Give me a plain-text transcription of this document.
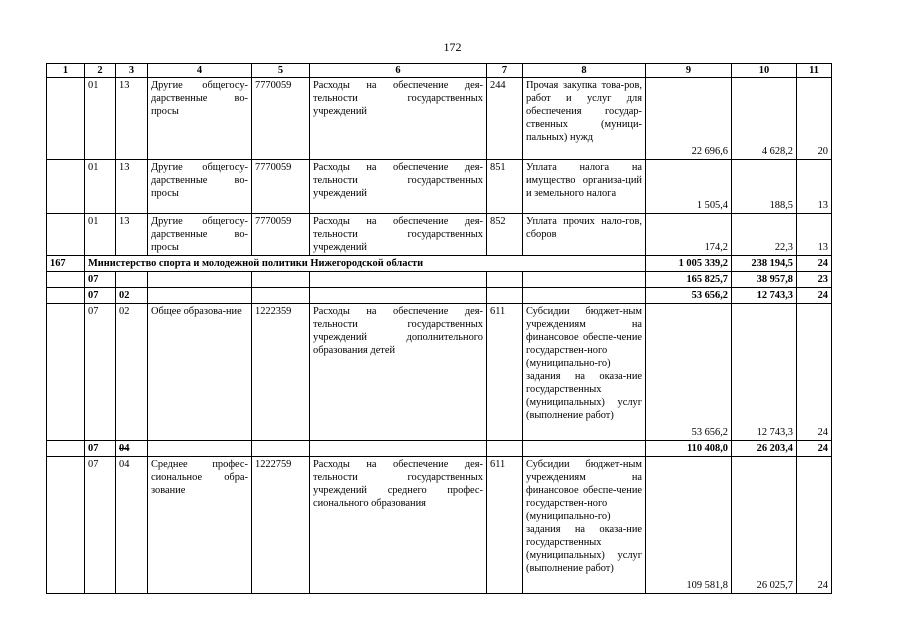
172
1	2	3	4	5	6	7	8	9	10	11
	01	13	Другие общегосу-дарственные во-просы	7770059	Расходы на обеспечение дея-тельности государственных учреждений	244	Прочая закупка това-ров, работ и услуг для обеспечения государ-ственных (муници-пальных) нужд	22 696,6	4 628,2	20
	01	13	Другие общегосу-дарственные во-просы	7770059	Расходы на обеспечение дея-тельности государственных учреждений	851	Уплата налога на имущество организа-ций и земельного налога	1 505,4	188,5	13
	01	13	Другие общегосу-дарственные во-просы	7770059	Расходы на обеспечение дея-тельности государственных учреждений	852	Уплата прочих нало-гов, сборов	174,2	22,3	13
167	Министерство спорта и молодежной политики Нижегородской области							1 005 339,2	238 194,5	24
	07							165 825,7	38 957,8	23
	07	02						53 656,2	12 743,3	24
	07	02	Общее образова-ние	1222359	Расходы на обеспечение дея-тельности государственных учреждений дополнительного образования детей	611	Субсидии бюджет-ным учреждениям на финансовое обеспе-чение государствен-ного (муниципально-го) задания на оказа-ние государственных (муниципальных) услуг (выполнение работ)	53 656,2	12 743,3	24
	07	04						110 408,0	26 203,4	24
	07	04	Среднее профес-сиональное обра-зование	1222759	Расходы на обеспечение дея-тельности государственных учреждений среднего профес-сионального образования	611	Субсидии бюджет-ным учреждениям на финансовое обеспе-чение государствен-ного (муниципально-го) задания на оказа-ние государственных (муниципальных) услуг (выполнение работ)	109 581,8	26 025,7	24
